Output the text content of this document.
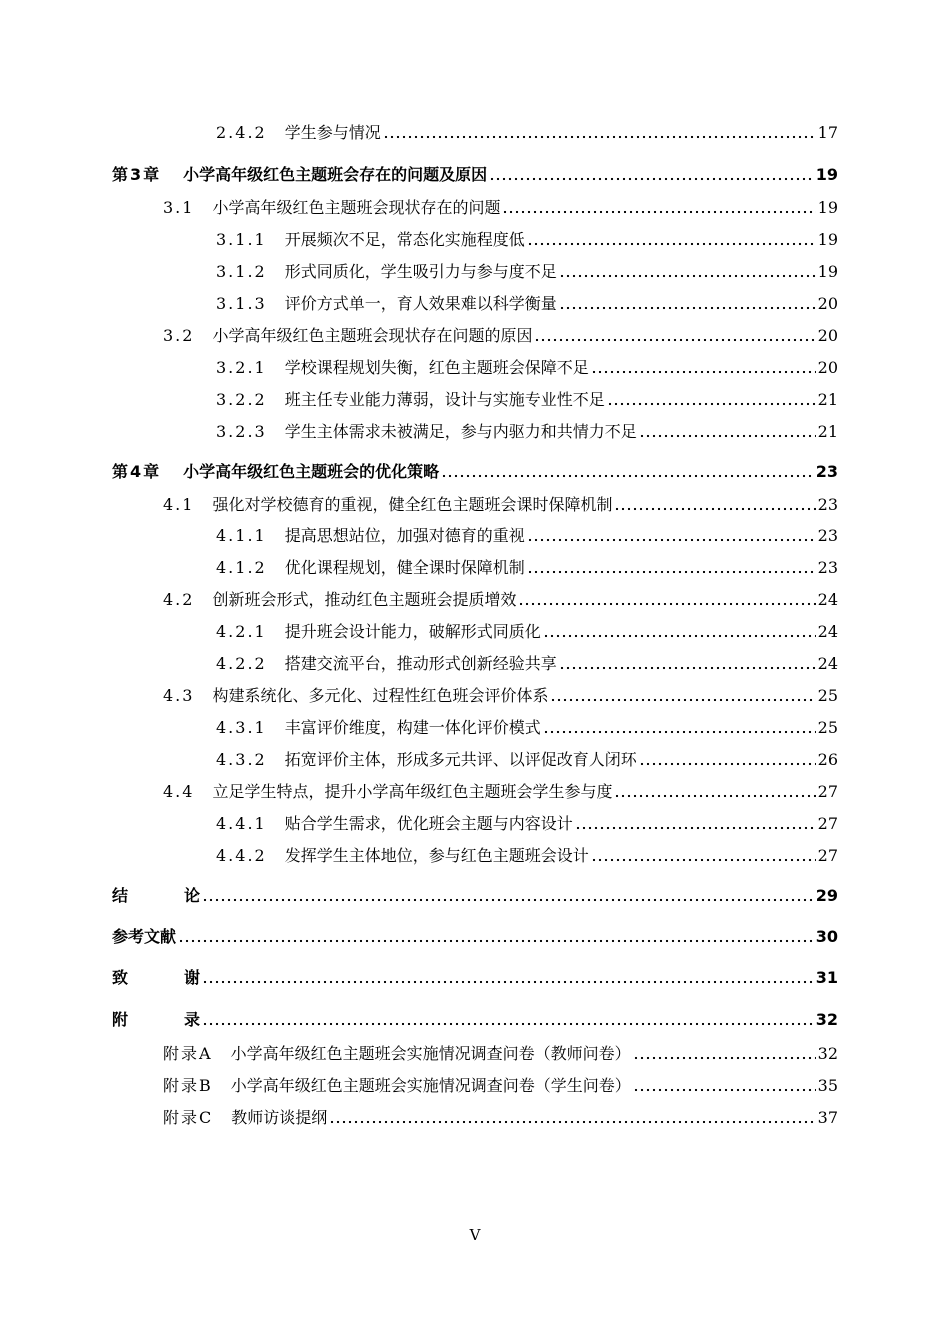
2.4.2 学生参与情况	17
第3章 小学高年级红色主题班会存在的问题及原因	19
3.1 小学高年级红色主题班会现状存在的问题	19
3.1.1 开展频次不足，常态化实施程度低	19
3.1.2 形式同质化，学生吸引力与参与度不足	19
3.1.3 评价方式单一，育人效果难以科学衡量	20
3.2 小学高年级红色主题班会现状存在问题的原因	20
3.2.1 学校课程规划失衡，红色主题班会保障不足	20
3.2.2 班主任专业能力薄弱，设计与实施专业性不足	21
3.2.3 学生主体需求未被满足，参与内驱力和共情力不足	21
第4章 小学高年级红色主题班会的优化策略	23
4.1 强化对学校德育的重视，健全红色主题班会课时保障机制	23
4.1.1 提高思想站位，加强对德育的重视	23
4.1.2 优化课程规划，健全课时保障机制	23
4.2 创新班会形式，推动红色主题班会提质增效	24
4.2.1 提升班会设计能力，破解形式同质化	24
4.2.2 搭建交流平台，推动形式创新经验共享	24
4.3 构建系统化、多元化、过程性红色班会评价体系	25
4.3.1 丰富评价维度，构建一体化评价模式	25
4.3.2 拓宽评价主体，形成多元共评、以评促改育人闭环	26
4.4 立足学生特点，提升小学高年级红色主题班会学生参与度	27
4.4.1 贴合学生需求，优化班会主题与内容设计	27
4.4.2 发挥学生主体地位，参与红色主题班会设计	27
结	论	29
参考文献	30
致	谢	31
附	录	32
附录A 小学高年级红色主题班会实施情况调查问卷（教师问卷）	32
附录B 小学高年级红色主题班会实施情况调查问卷（学生问卷）	35
附录C 教师访谈提纲	37
V
